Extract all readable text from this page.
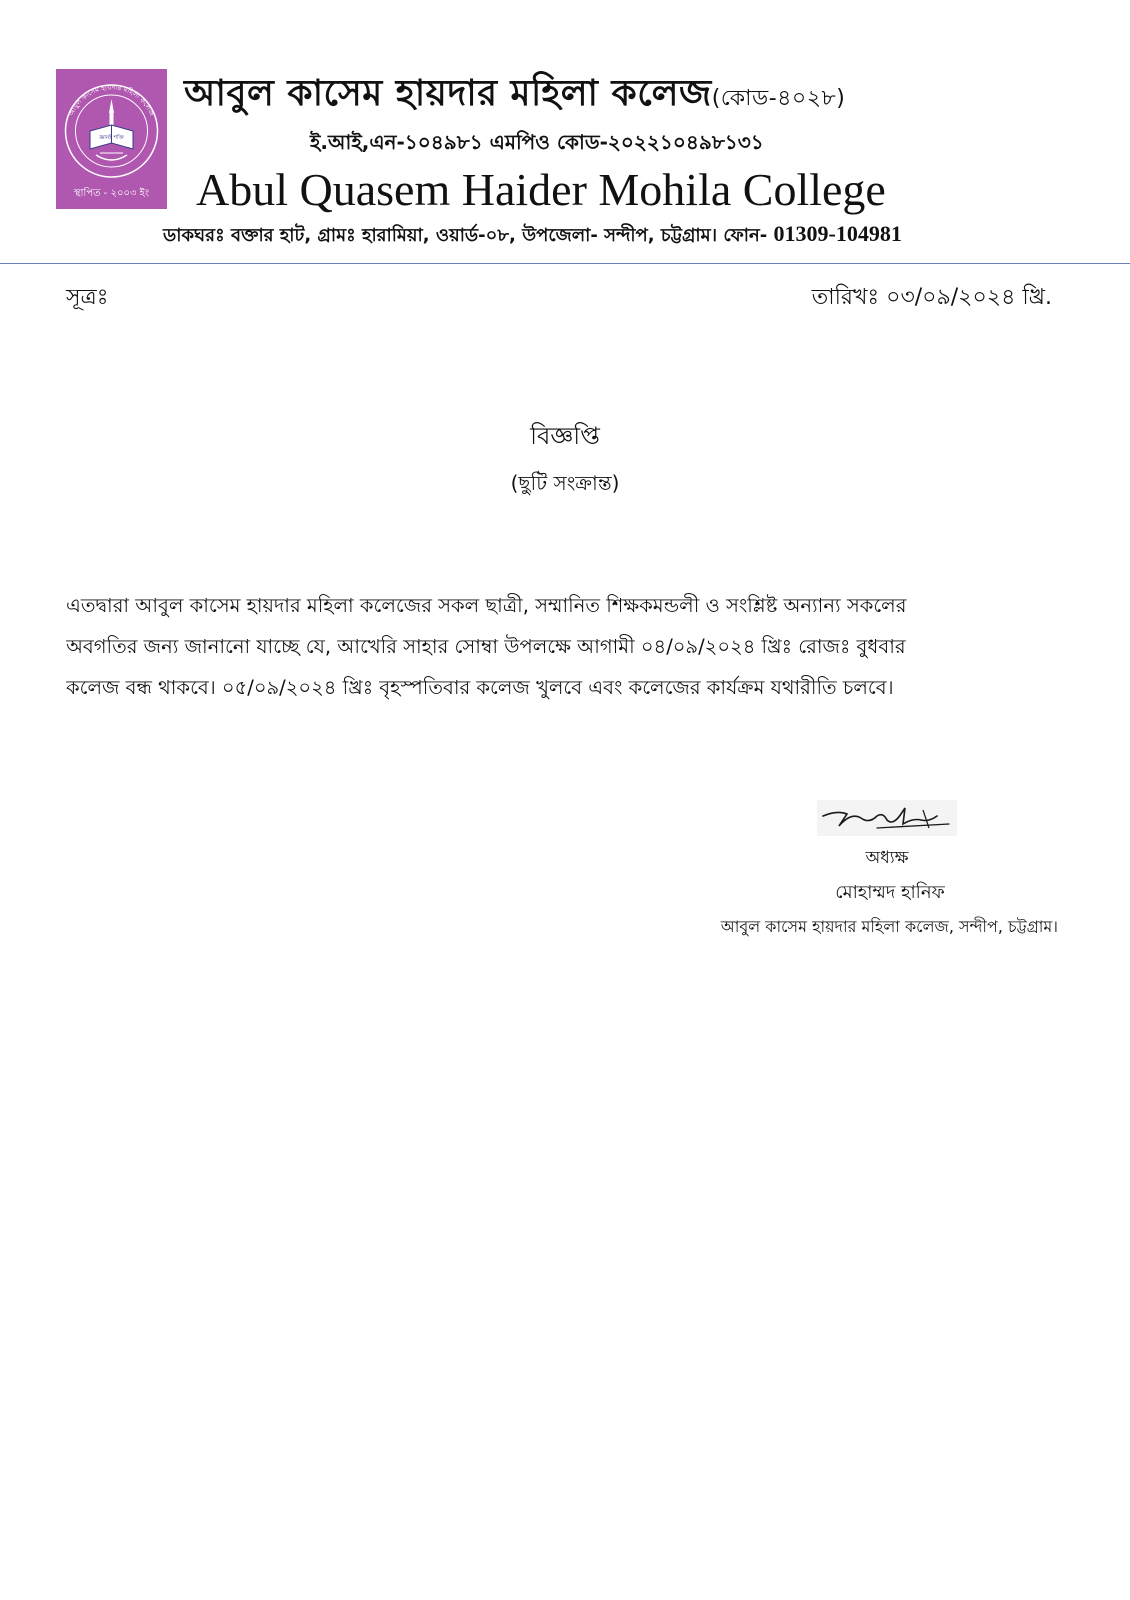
আবুল কাসেম হায়দার মহিলা কলেজ
জ্ঞানই শক্তি
স্থাপিত - ২০০৩ ইং
আবুল কাসেম হায়দার মহিলা কলেজ(কোড-৪০২৮)
ই.আই,এন-১০৪৯৮১ এমপিও কোড-২০২২১০৪৯৮১৩১
Abul Quasem Haider Mohila College
ডাকঘরঃ বক্তার হাট, গ্রামঃ হারামিয়া, ওয়ার্ড-০৮, উপজেলা- সন্দীপ, চট্টগ্রাম। ফোন- 01309-104981
সূত্রঃ	তারিখঃ ০৩/০৯/২০২৪ খ্রি.
বিজ্ঞপ্তি
(ছুটি সংক্রান্ত)
এতদ্বারা আবুল কাসেম হায়দার মহিলা কলেজের সকল ছাত্রী, সম্মানিত শিক্ষকমন্ডলী ও সংশ্লিষ্ট অন্যান্য সকলের
অবগতির জন্য জানানো যাচ্ছে যে, আখেরি সাহার সোম্বা উপলক্ষে আগামী ০৪/০৯/২০২৪ খ্রিঃ রোজঃ বুধবার
কলেজ বন্ধ থাকবে। ০৫/০৯/২০২৪ খ্রিঃ বৃহস্পতিবার কলেজ খুলবে এবং কলেজের কার্যক্রম যথারীতি চলবে।
অধ্যক্ষ
মোহাম্মদ হানিফ
আবুল কাসেম হায়দার মহিলা কলেজ, সন্দীপ, চট্টগ্রাম।
